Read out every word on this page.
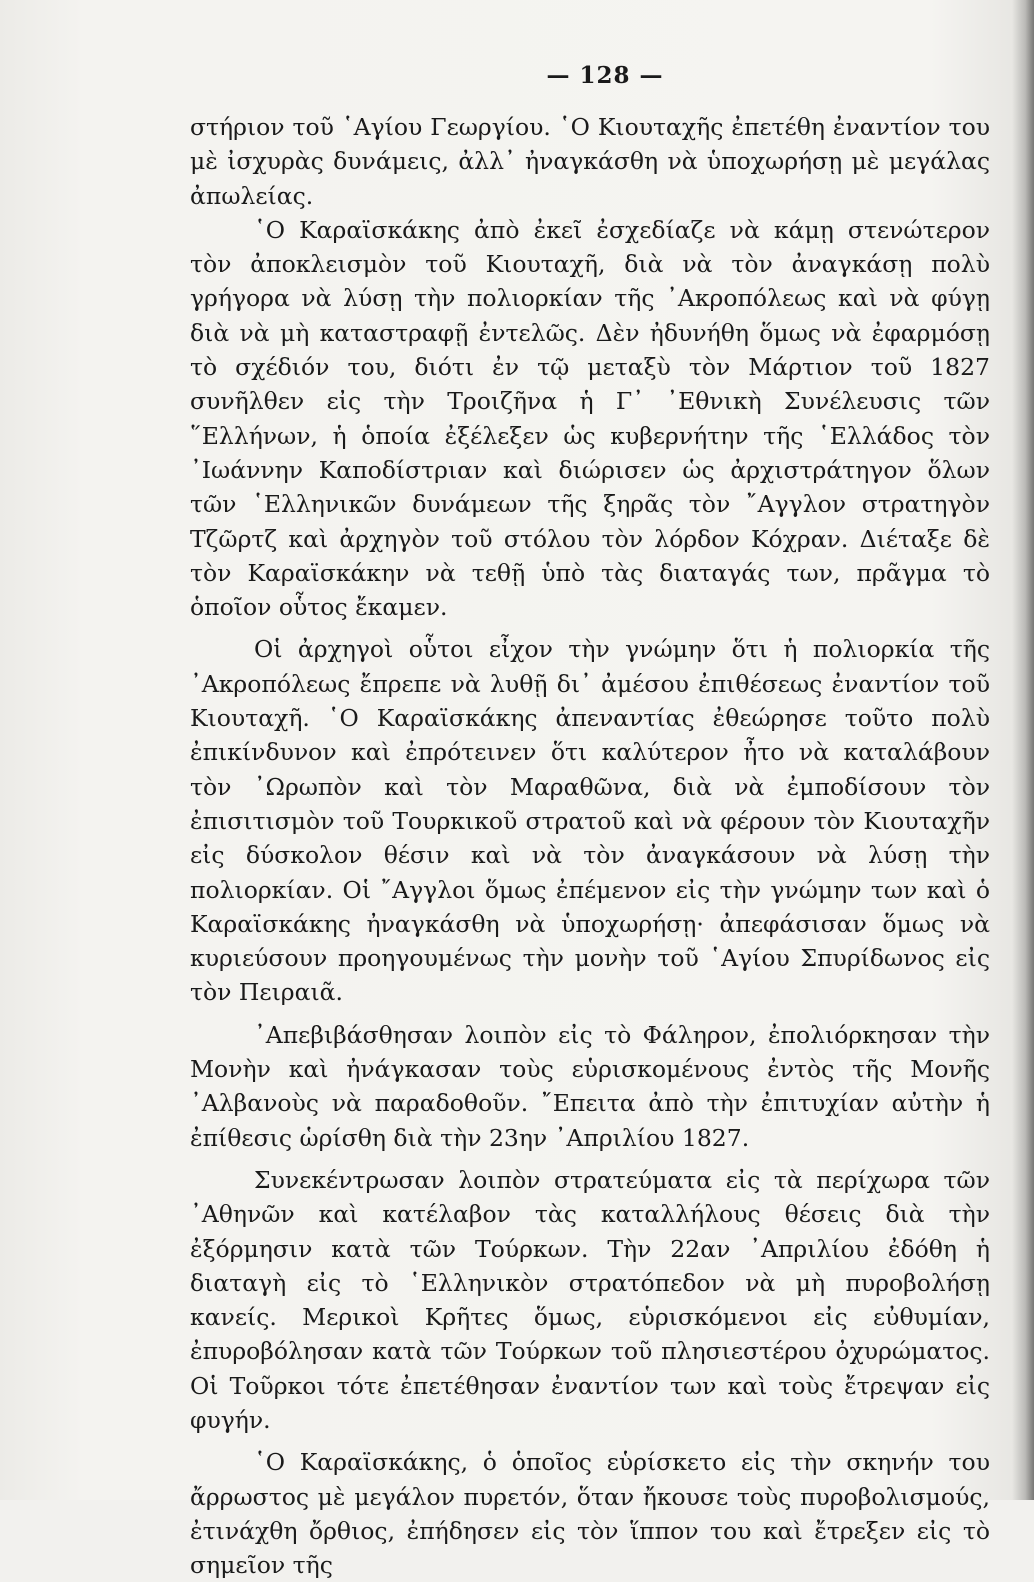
— 128 —

στήριον τοῦ ῾Αγίου Γεωργίου. ῾Ο Κιουταχῆς ἐπετέθη ἐναντίον του μὲ ἰσχυρὰς δυνάμεις, ἀλλ᾿ ἠναγκάσθη νὰ ὑποχωρήσῃ μὲ μεγάλας ἀπωλείας.

῾Ο Καραϊσκάκης ἀπὸ ἐκεῖ ἐσχεδίαζε νὰ κάμῃ στενώτερον τὸν ἀποκλεισμὸν τοῦ Κιουταχῆ, διὰ νὰ τὸν ἀναγκάσῃ πολὺ γρήγορα νὰ λύσῃ τὴν πολιορκίαν τῆς ᾿Ακροπόλεως καὶ νὰ φύγῃ διὰ νὰ μὴ καταστραφῇ ἐντελῶς. Δὲν ἠδυνήθη ὅμως νὰ ἐφαρμόσῃ τὸ σχέδιόν του, διότι ἐν τῷ μεταξὺ τὸν Μάρτιον τοῦ 1827 συνῆλθεν εἰς τὴν Τροιζῆνα ἡ Γ᾿ ᾿Εθνικὴ Συνέλευσις τῶν ῞Ελλήνων, ἡ ὁποία ἐξέλεξεν ὡς κυβερνήτην τῆς ῾Ελλάδος τὸν ᾿Ιωάννην Καποδίστριαν καὶ διώρισεν ὡς ἀρχιστράτηγον ὅλων τῶν ῾Ελληνικῶν δυνάμεων τῆς ξηρᾶς τὸν ῎Αγγλον στρατηγὸν Τζῶρτζ καὶ ἀρχηγὸν τοῦ στόλου τὸν λόρδον Κόχραν. Διέταξε δὲ τὸν Καραϊσκάκην νὰ τεθῇ ὑπὸ τὰς διαταγάς των, πρᾶγμα τὸ ὁποῖον οὗτος ἔκαμεν.

Οἱ ἀρχηγοὶ οὗτοι εἶχον τὴν γνώμην ὅτι ἡ πολιορκία τῆς ᾿Ακροπόλεως ἔπρεπε νὰ λυθῇ δι᾿ ἀμέσου ἐπιθέσεως ἐναντίον τοῦ Κιουταχῆ. ῾Ο Καραϊσκάκης ἀπεναντίας ἐθεώρησε τοῦτο πολὺ ἐπικίνδυνον καὶ ἐπρότεινεν ὅτι καλύτερον ἦτο νὰ καταλάβουν τὸν ᾿Ωρωπὸν καὶ τὸν Μαραθῶνα, διὰ νὰ ἐμποδίσουν τὸν ἐπισιτισμὸν τοῦ Τουρκικοῦ στρατοῦ καὶ νὰ φέρουν τὸν Κιουταχῆν εἰς δύσκολον θέσιν καὶ νὰ τὸν ἀναγκάσουν νὰ λύσῃ τὴν πολιορκίαν. Οἱ ῎Αγγλοι ὅμως ἐπέμενον εἰς τὴν γνώμην των καὶ ὁ Καραϊσκάκης ἠναγκάσθη νὰ ὑποχωρήσῃ· ἀπεφάσισαν ὅμως νὰ κυριεύσουν προηγουμένως τὴν μονὴν τοῦ ῾Αγίου Σπυρίδωνος εἰς τὸν Πειραιᾶ.

᾿Απεβιβάσθησαν λοιπὸν εἰς τὸ Φάληρον, ἐπολιόρκησαν τὴν Μονὴν καὶ ἠνάγκασαν τοὺς εὑρισκομένους ἐντὸς τῆς Μονῆς ᾿Αλβανοὺς νὰ παραδοθοῦν. ῎Επειτα ἀπὸ τὴν ἐπιτυχίαν αὐτὴν ἡ ἐπίθεσις ὡρίσθη διὰ τὴν 23ην ᾿Απριλίου 1827.

Συνεκέντρωσαν λοιπὸν στρατεύματα εἰς τὰ περίχωρα τῶν ᾿Αθηνῶν καὶ κατέλαβον τὰς καταλλήλους θέσεις διὰ τὴν ἐξόρμησιν κατὰ τῶν Τούρκων. Τὴν 22αν ᾿Απριλίου ἐδόθη ἡ διαταγὴ εἰς τὸ ῾Ελληνικὸν στρατόπεδον νὰ μὴ πυροβολήσῃ κανείς. Μερικοὶ Κρῆτες ὅμως, εὑρισκόμενοι εἰς εὐθυμίαν, ἐπυροβόλησαν κατὰ τῶν Τούρκων τοῦ πλησιεστέρου ὀχυρώματος. Οἱ Τοῦρκοι τότε ἐπετέθησαν ἐναντίον των καὶ τοὺς ἔτρεψαν εἰς φυγήν.

῾Ο Καραϊσκάκης, ὁ ὁποῖος εὑρίσκετο εἰς τὴν σκηνήν του ἄρρωστος μὲ μεγάλον πυρετόν, ὅταν ἤκουσε τοὺς πυροβολισμούς, ἐτινάχθη ὄρθιος, ἐπήδησεν εἰς τὸν ἵππον του καὶ ἔτρεξεν εἰς τὸ σημεῖον τῆς
